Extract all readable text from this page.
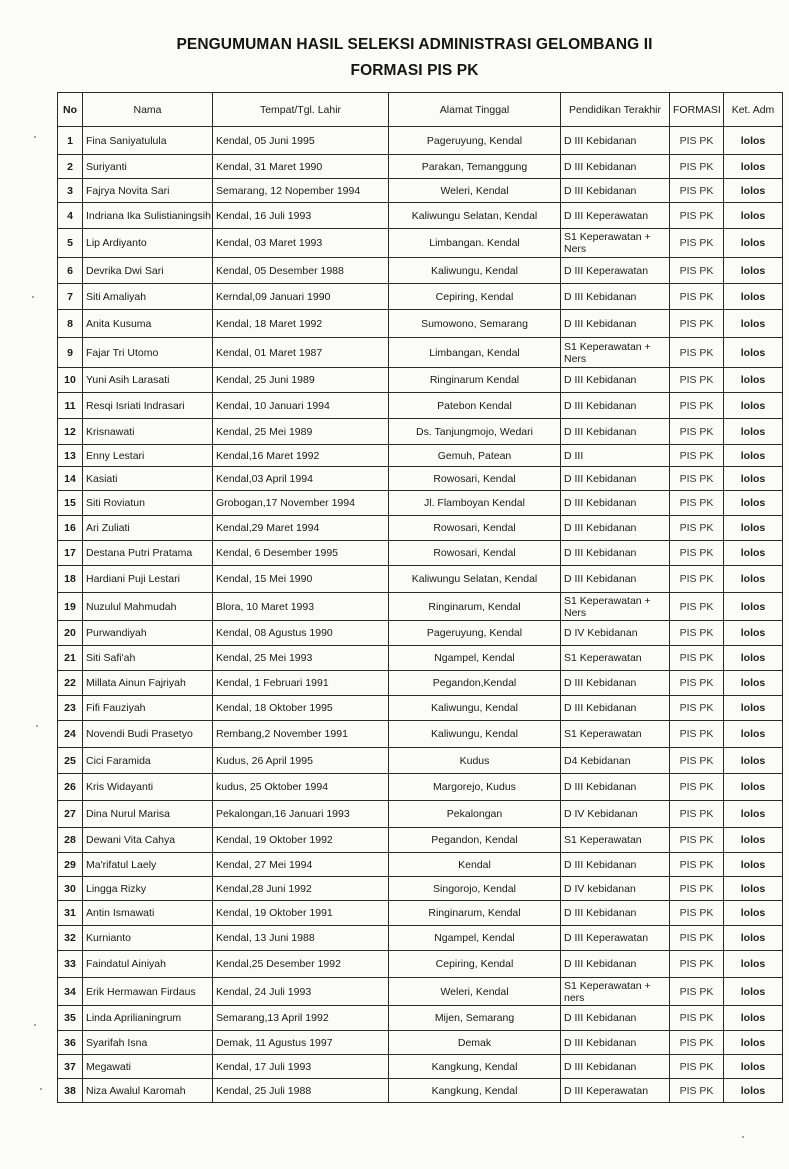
PENGUMUMAN HASIL SELEKSI ADMINISTRASI GELOMBANG II
FORMASI PIS PK
No	Nama	Tempat/Tgl. Lahir	Alamat Tinggal	Pendidikan Terakhir	FORMASI	Ket. Adm
1	Fina Saniyatulula	Kendal, 05 Juni 1995	Pageruyung, Kendal	D III Kebidanan	PIS PK	lolos
2	Suriyanti	Kendal, 31 Maret 1990	Parakan, Temanggung	D III Kebidanan	PIS PK	lolos
3	Fajrya Novita Sari	Semarang, 12 Nopember 1994	Weleri, Kendal	D III Kebidanan	PIS PK	lolos
4	Indriana Ika Sulistianingsih	Kendal, 16 Juli 1993	Kaliwungu Selatan, Kendal	D III Keperawatan	PIS PK	lolos
5	Lip Ardiyanto	Kendal, 03 Maret 1993	Limbangan. Kendal	S1 Keperawatan + Ners	PIS PK	lolos
6	Devrika Dwi Sari	Kendal, 05 Desember 1988	Kaliwungu, Kendal	D III Keperawatan	PIS PK	lolos
7	Siti Amaliyah	Kerndal,09 Januari 1990	Cepiring, Kendal	D III Kebidanan	PIS PK	lolos
8	Anita Kusuma	Kendal, 18 Maret 1992	Sumowono, Semarang	D III Kebidanan	PIS PK	lolos
9	Fajar Tri Utomo	Kendal, 01 Maret 1987	Limbangan, Kendal	S1 Keperawatan + Ners	PIS PK	lolos
10	Yuni Asih Larasati	Kendal, 25 Juni 1989	Ringinarum Kendal	D III Kebidanan	PIS PK	lolos
11	Resqi Isriati Indrasari	Kendal, 10 Januari 1994	Patebon Kendal	D III Kebidanan	PIS PK	lolos
12	Krisnawati	Kendal, 25 Mei 1989	Ds. Tanjungmojo, Wedari	D III Kebidanan	PIS PK	lolos
13	Enny Lestari	Kendal,16 Maret 1992	Gemuh, Patean	D III	PIS PK	lolos
14	Kasiati	Kendal,03 April 1994	Rowosari, Kendal	D III Kebidanan	PIS PK	lolos
15	Siti Roviatun	Grobogan,17 November 1994	Jl. Flamboyan Kendal	D III Kebidanan	PIS PK	lolos
16	Ari Zuliati	Kendal,29 Maret 1994	Rowosari, Kendal	D III Kebidanan	PIS PK	lolos
17	Destana Putri Pratama	Kendal, 6 Desember 1995	Rowosari, Kendal	D III Kebidanan	PIS PK	lolos
18	Hardiani Puji Lestari	Kendal, 15 Mei 1990	Kaliwungu Selatan, Kendal	D III Kebidanan	PIS PK	lolos
19	Nuzulul Mahmudah	Blora, 10 Maret 1993	Ringinarum, Kendal	S1 Keperawatan + Ners	PIS PK	lolos
20	Purwandiyah	Kendal, 08 Agustus 1990	Pageruyung, Kendal	D IV Kebidanan	PIS PK	lolos
21	Siti Safi'ah	Kendal, 25 Mei 1993	Ngampel, Kendal	S1 Keperawatan	PIS PK	lolos
22	Millata Ainun Fajriyah	Kendal, 1 Februari 1991	Pegandon,Kendal	D III Kebidanan	PIS PK	lolos
23	Fifi Fauziyah	Kendal, 18 Oktober 1995	Kaliwungu, Kendal	D III Kebidanan	PIS PK	lolos
24	Novendi Budi Prasetyo	Rembang,2 November 1991	Kaliwungu, Kendal	S1 Keperawatan	PIS PK	lolos
25	Cici Faramida	Kudus, 26 April 1995	Kudus	D4 Kebidanan	PIS PK	lolos
26	Kris Widayanti	kudus, 25 Oktober 1994	Margorejo, Kudus	D III Kebidanan	PIS PK	lolos
27	Dina Nurul Marisa	Pekalongan,16 Januari 1993	Pekalongan	D IV Kebidanan	PIS PK	lolos
28	Dewani Vita Cahya	Kendal, 19 Oktober 1992	Pegandon, Kendal	S1 Keperawatan	PIS PK	lolos
29	Ma'rifatul Laely	Kendal, 27 Mei 1994	Kendal	D III Kebidanan	PIS PK	lolos
30	Lingga Rizky	Kendal,28 Juni 1992	Singorojo, Kendal	D IV kebidanan	PIS PK	lolos
31	Antin Ismawati	Kendal, 19 Oktober 1991	Ringinarum, Kendal	D III Kebidanan	PIS PK	lolos
32	Kurnianto	Kendal, 13 Juni 1988	Ngampel, Kendal	D III Keperawatan	PIS PK	lolos
33	Faindatul Ainiyah	Kendal,25 Desember 1992	Cepiring, Kendal	D III Kebidanan	PIS PK	lolos
34	Erik Hermawan Firdaus	Kendal, 24 Juli 1993	Weleri, Kendal	S1 Keperawatan + ners	PIS PK	lolos
35	Linda Aprilianingrum	Semarang,13 April 1992	Mijen, Semarang	D III Kebidanan	PIS PK	lolos
36	Syarifah Isna	Demak, 11 Agustus 1997	Demak	D III Kebidanan	PIS PK	lolos
37	Megawati	Kendal, 17 Juli 1993	Kangkung, Kendal	D III Kebidanan	PIS PK	lolos
38	Niza Awalul Karomah	Kendal, 25 Juli 1988	Kangkung, Kendal	D III Keperawatan	PIS PK	lolos
